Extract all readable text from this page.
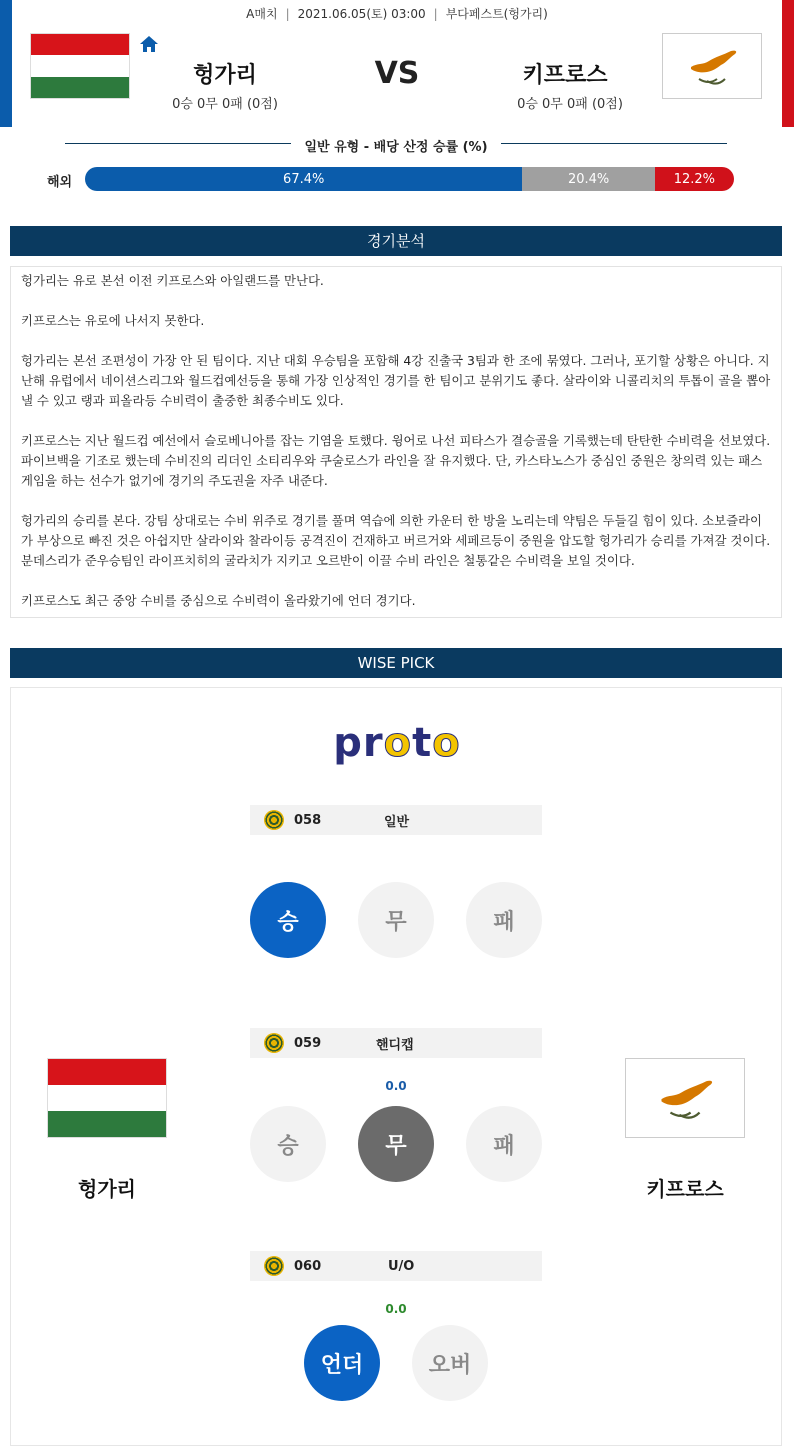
A매치 | 2021.06.05(토) 03:00 | 부다페스트(헝가리)
헝가리
0승 0무 0패 (0점)
VS	키프로스
0승 0무 0패 (0점)
일반 유형 - 배당 산정 승률 (%)
해외	67.4%	20.4%	12.2%
경기분석

헝가리는 유로 본선 이전 키프로스와 아일랜드를 만난다.

키프로스는 유로에 나서지 못한다.

헝가리는 본선 조편성이 가장 안 된 팀이다. 지난 대회 우승팀을 포함해 4강 진출국 3팀과 한 조에 묶였다. 그러나, 포기할 상황은 아니다. 지난해 유럽에서 네이션스리그와 월드컵예선등을 통해 가장 인상적인 경기를 한 팀이고 분위기도 좋다. 살라이와 니콜리치의 투톱이 골을 뽑아낼 수 있고 랭과 피올라등 수비력이 출중한 최종수비도 있다.

키프로스는 지난 월드컵 예선에서 슬로베니아를 잡는 기염을 토했다. 윙어로 나선 피타스가 결승골을 기록했는데 탄탄한 수비력을 선보였다. 파이브백을 기조로 했는데 수비진의 리더인 소티리우와 쿠술로스가 라인을 잘 유지했다. 단, 카스타노스가 중심인 중원은 창의력 있는 패스게임을 하는 선수가 없기에 경기의 주도권을 자주 내준다.

헝가리의 승리를 본다. 강팀 상대로는 수비 위주로 경기를 풀며 역습에 의한 카운터 한 방을 노리는데 약팀은 두들길 힘이 있다. 소보즐라이가 부상으로 빠진 것은 아쉽지만 살라이와 찰라이등 공격진이 건재하고 버르거와 세페르등이 중원을 압도할 헝가리가 승리를 가져갈 것이다. 분데스리가 준우승팀인 라이프치히의 굴라치가 지키고 오르반이 이끌 수비 라인은 철통같은 수비력을 보일 것이다.

키프로스도 최근 중앙 수비를 중심으로 수비력이 올라왔기에 언더 경기다.

WISE PICK
proto
058	일반
승	무	패
059	핸디캡
0.0
승	무	패
헝가리	키프로스
060	U/O
0.0
언더	오버
